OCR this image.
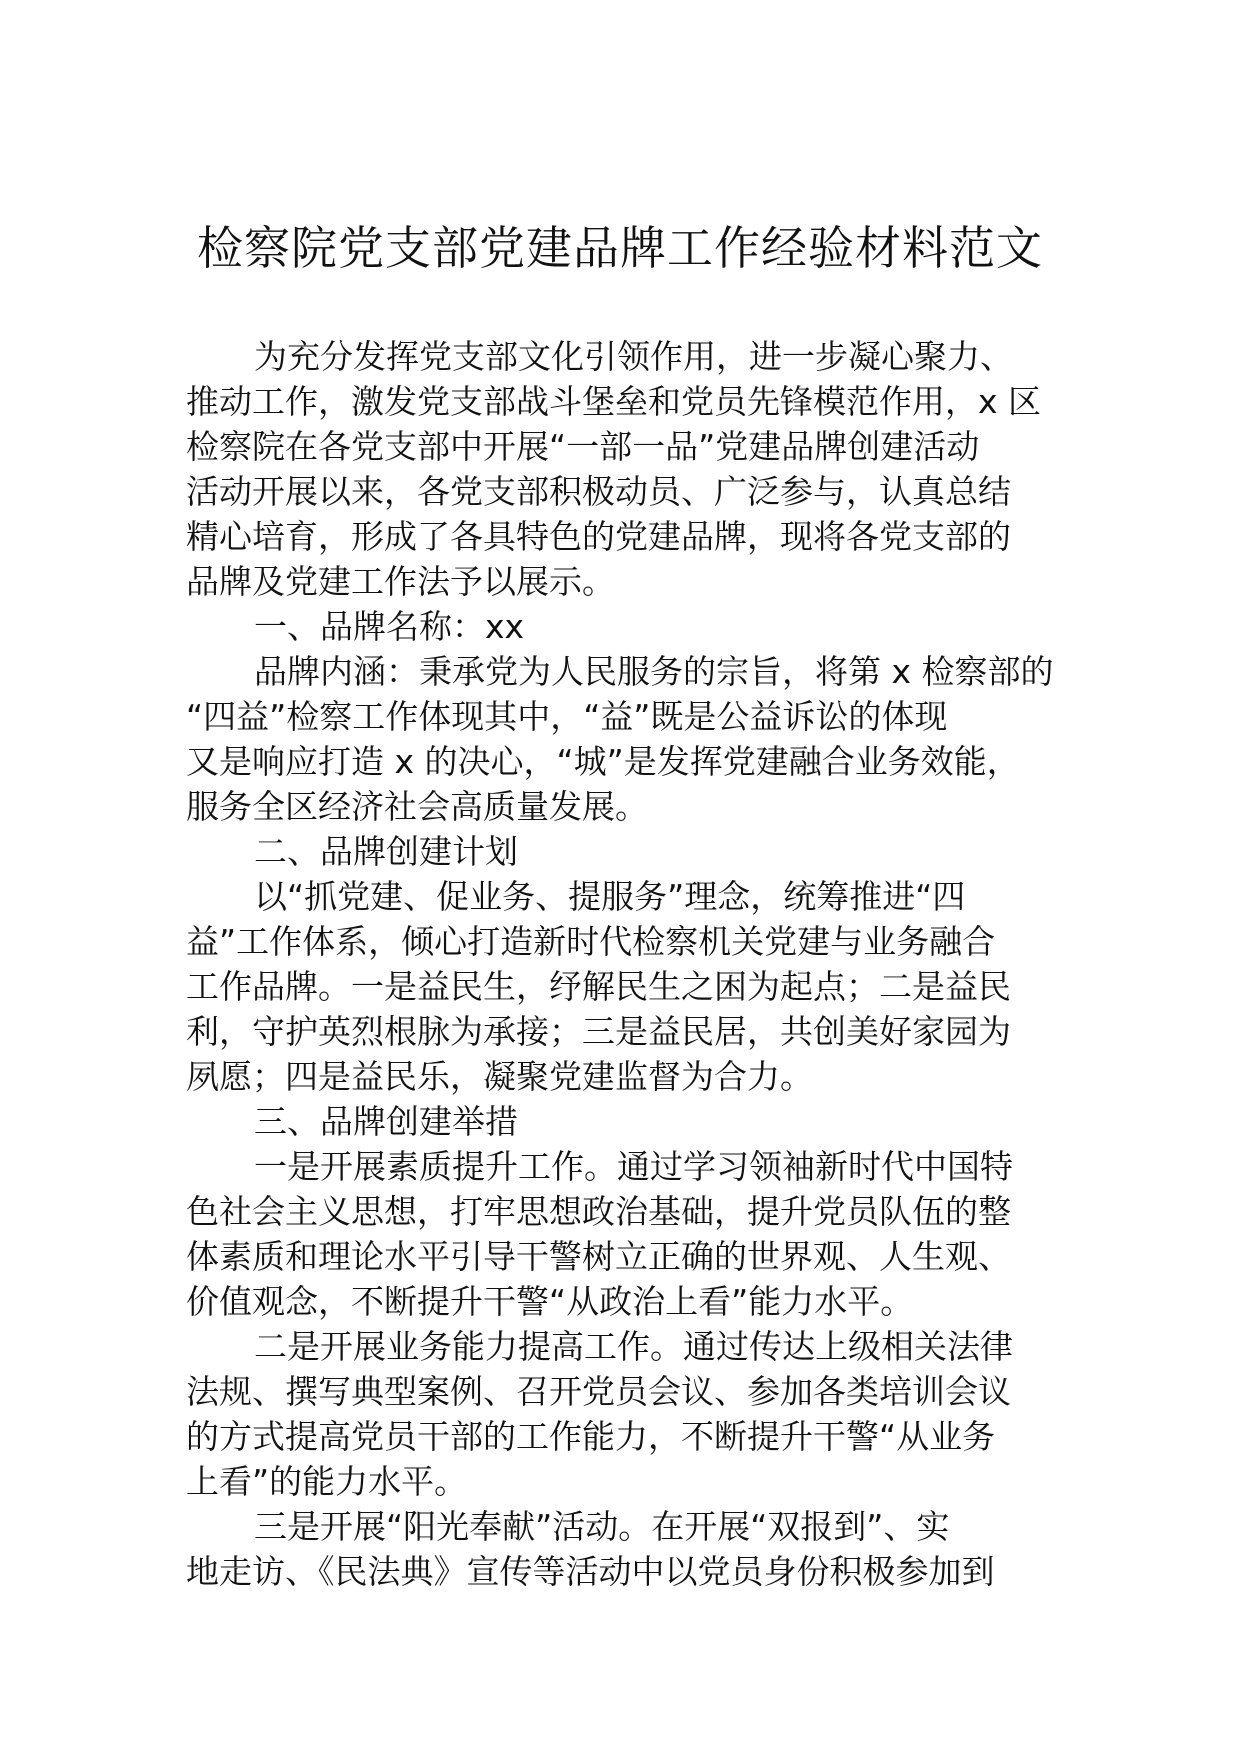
检察院党支部党建品牌工作经验材料范文
为充分发挥党支部文化引领作用，进一步凝心聚力、
推动工作，激发党支部战斗堡垒和党员先锋模范作用，x 区
检察院在各党支部中开展“一部一品”党建品牌创建活动
活动开展以来，各党支部积极动员、广泛参与，认真总结
精心培育，形成了各具特色的党建品牌，现将各党支部的
品牌及党建工作法予以展示。
一、品牌名称：xx
品牌内涵：秉承党为人民服务的宗旨，将第 x 检察部的
“四益”检察工作体现其中，“益”既是公益诉讼的体现
又是响应打造 x 的决心，“城”是发挥党建融合业务效能，
服务全区经济社会高质量发展。
二、品牌创建计划
以“抓党建、促业务、提服务”理念，统筹推进“四
益”工作体系，倾心打造新时代检察机关党建与业务融合
工作品牌。一是益民生，纾解民生之困为起点；二是益民
利，守护英烈根脉为承接；三是益民居，共创美好家园为
夙愿；四是益民乐，凝聚党建监督为合力。
三、品牌创建举措
一是开展素质提升工作。通过学习领袖新时代中国特
色社会主义思想，打牢思想政治基础，提升党员队伍的整
体素质和理论水平引导干警树立正确的世界观、人生观、
价值观念，不断提升干警“从政治上看”能力水平。
二是开展业务能力提高工作。通过传达上级相关法律
法规、撰写典型案例、召开党员会议、参加各类培训会议
的方式提高党员干部的工作能力，不断提升干警“从业务
上看”的能力水平。
三是开展“阳光奉献”活动。在开展“双报到”、实
地走访、《民法典》宣传等活动中以党员身份积极参加到
